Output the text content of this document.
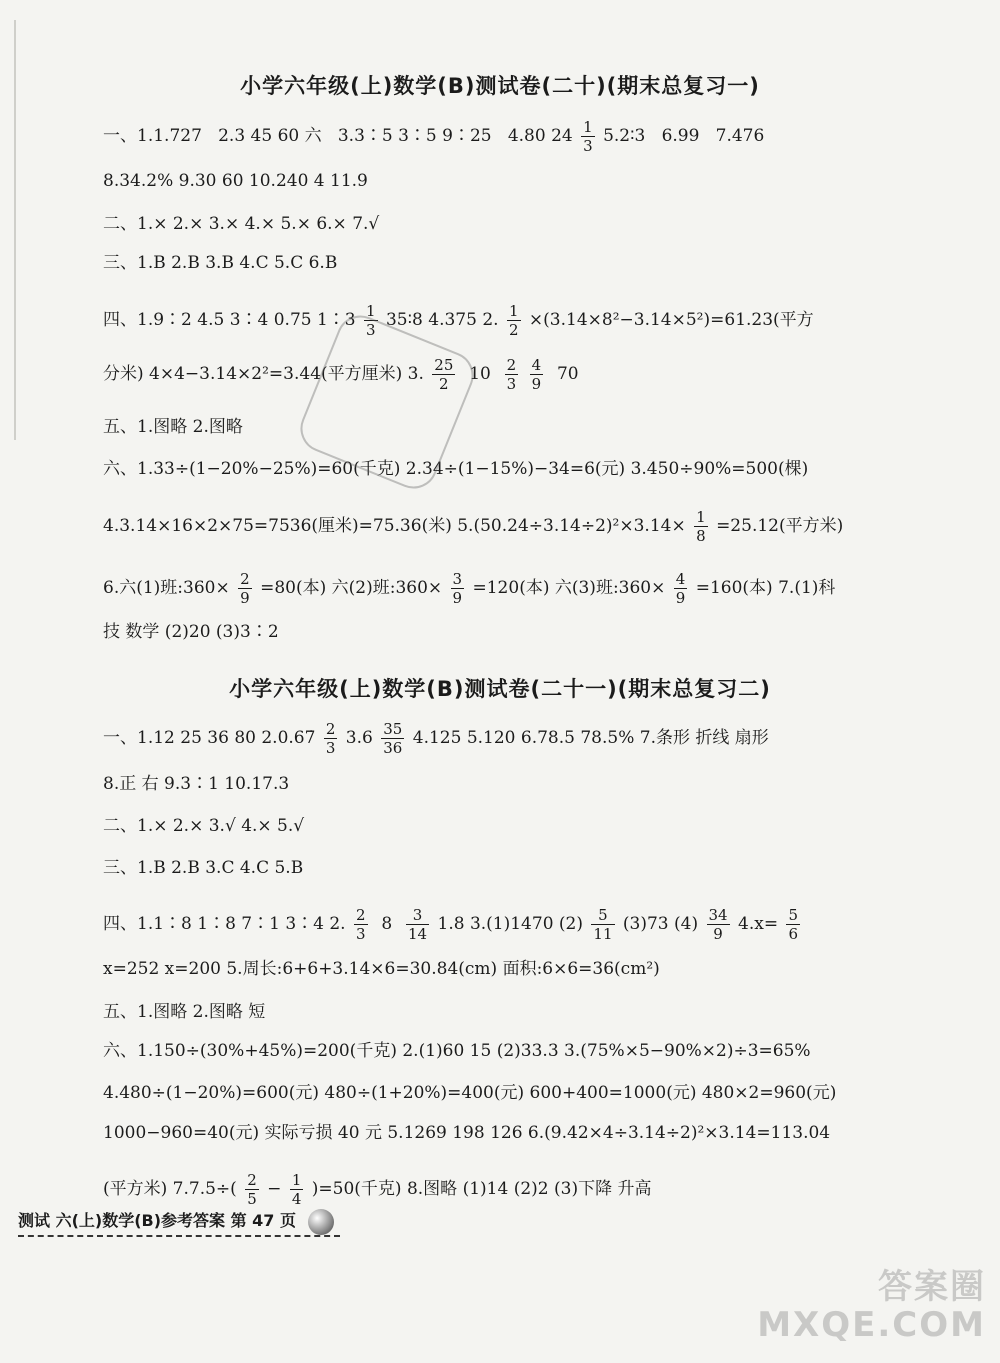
小学六年级(上)数学(B)测试卷(二十)(期末总复习一)
一、1.1.727 2.3 45 60 六 3.3∶5 3∶5 9∶25 4.80 $24 \frac{1}{3}$ 5.2∶3 6.99 7.476
8.34.2% 9.30 60 10.240 4 11.9
二、1.× 2.× 3.× 4.× 5.× 6.× 7.√
三、1.B 2.B 3.B 4.C 5.C 6.B
四、1.9∶2 4.5 3∶4 0.75 1∶3 $\frac{1}{3}$ 35∶8 4.375 2. $\frac{1}{2} \times(3.14\times 8^2-3.14\times 5^2)=61.23$(平方
分米) 4×4−3.14×2²=3.44(平方厘米) 3. $\frac{25}{2} 10 \frac{2}{3}$
$\frac{4}{9} 70$
五、1.图略 2.图略
六、1.33÷(1−20%−25%)=60(千克) 2.34÷(1−15%)−34=6(元) 3.450÷90%=500(棵)
4.3.14×16×2×75=7536(厘米)=75.36(米) $5.(50.24\div 3.14\div 2)^2\times 3.14\times \frac{1}{8} =25.12$(平方米)
6.六(1)班:360× $\frac{2}{9} =80$(本) 六(2)班:360× $\frac{3}{9} =120$(本) 六(3)班:360× $\frac{4}{9} =160$(本) 7.(1)科
技 数学 (2)20 (3)3∶2
小学六年级(上)数学(B)测试卷(二十一)(期末总复习二)
一、1.12 25 36 80 2.0.67̇ $\frac{2}{3} 3.6 \frac{35}{36} 4.125$ 5.120 6.78.5 78.5% 7.条形 折线 扇形
8.正 右 9.3∶1 10.17.3
二、1.× 2.× 3.√ 4.× 5.√
三、1.B 2.B 3.C 4.C 5.B
四、1.1∶8 1∶8 7∶1 3∶4 2. $\frac{2}{3} 8 \frac{3}{14} 1.8$ 3.(1)1470 $(2) \frac{5}{11} (3)73$ $(4) \frac{34}{9} 4.x= \frac{5}{6}$
x=252 x=200 5.周长:6+6+3.14×6=30.84(cm) 面积:6×6=36(cm²)
五、1.图略 2.图略 短
六、1.150÷(30%+45%)=200(千克) 2.(1)60 15 (2)33.3 3.(75%×5−90%×2)÷3=65%
4.480÷(1−20%)=600(元) 480÷(1+20%)=400(元) 600+400=1000(元) 480×2=960(元)
1000−960=40(元) 实际亏损 40 元 5.1269 198 126 6.(9.42×4÷3.14÷2)²×3.14=113.04
(平方米) $7.7.5\div( \frac{2}{5} - \frac{1}{4} )=50$(千克) 8.图略 (1)14 (2)2 (3)下降 升高
测试 六(上)数学(B)参考答案 第 47 页
答案圈
MXQE.COM
